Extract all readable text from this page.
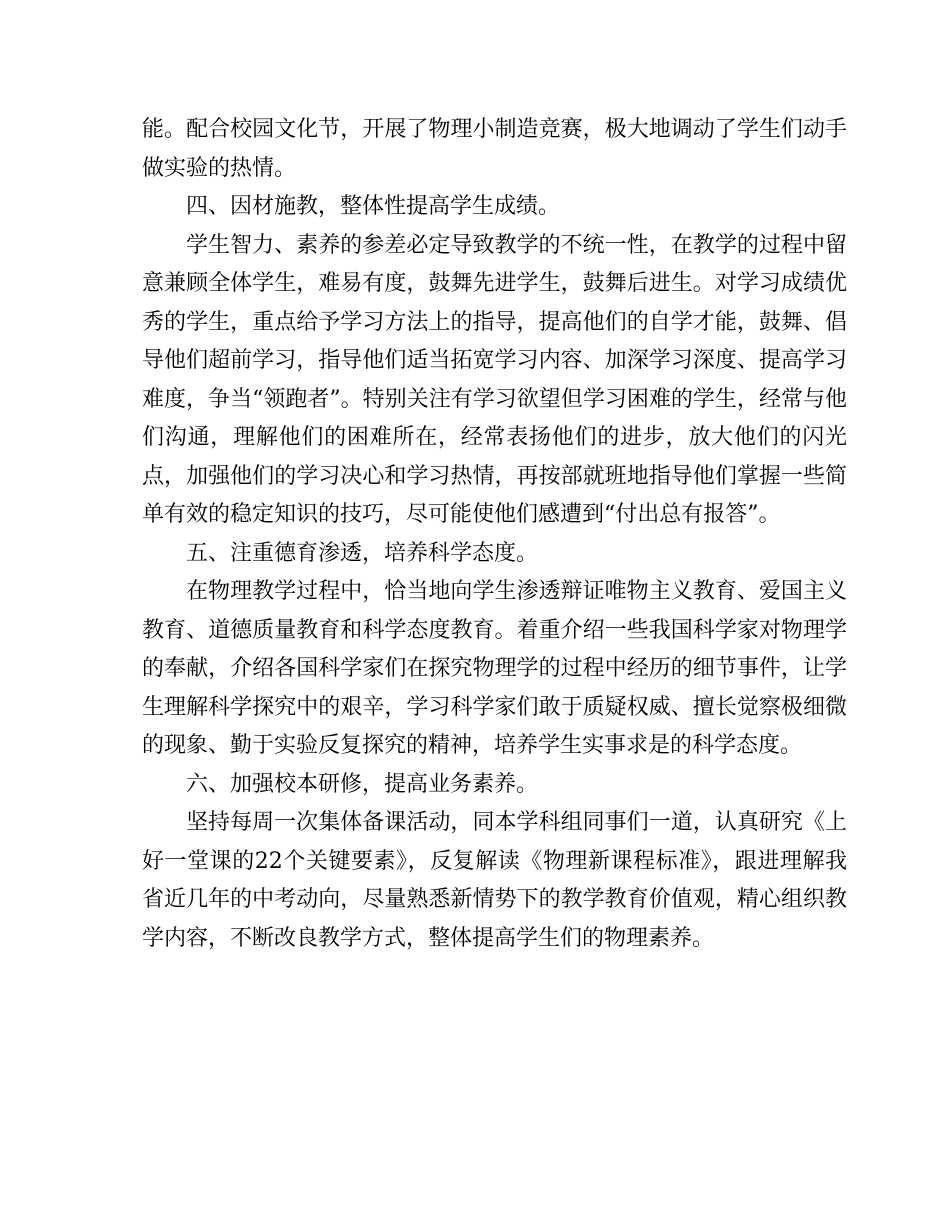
能。配合校园文化节，开展了物理小制造竞赛，极大地调动了学生们动手做实验的热情。

四、因材施教，整体性提高学生成绩。

学生智力、素养的参差必定导致教学的不统一性，在教学的过程中留意兼顾全体学生，难易有度，鼓舞先进学生，鼓舞后进生。对学习成绩优秀的学生，重点给予学习方法上的指导，提高他们的自学才能，鼓舞、倡导他们超前学习，指导他们适当拓宽学习内容、加深学习深度、提高学习难度，争当“领跑者”。特别关注有学习欲望但学习困难的学生，经常与他们沟通，理解他们的困难所在，经常表扬他们的进步，放大他们的闪光点，加强他们的学习决心和学习热情，再按部就班地指导他们掌握一些简单有效的稳定知识的技巧，尽可能使他们感遭到“付出总有报答”。

五、注重德育渗透，培养科学态度。

在物理教学过程中，恰当地向学生渗透辩证唯物主义教育、爱国主义教育、道德质量教育和科学态度教育。着重介绍一些我国科学家对物理学的奉献，介绍各国科学家们在探究物理学的过程中经历的细节事件，让学生理解科学探究中的艰辛，学习科学家们敢于质疑权威、擅长觉察极细微的现象、勤于实验反复探究的精神，培养学生实事求是的科学态度。

六、加强校本研修，提高业务素养。

坚持每周一次集体备课活动，同本学科组同事们一道，认真研究《上好一堂课的22个关键要素》，反复解读《物理新课程标准》，跟进理解我省近几年的中考动向，尽量熟悉新情势下的教学教育价值观，精心组织教学内容，不断改良教学方式，整体提高学生们的物理素养。
